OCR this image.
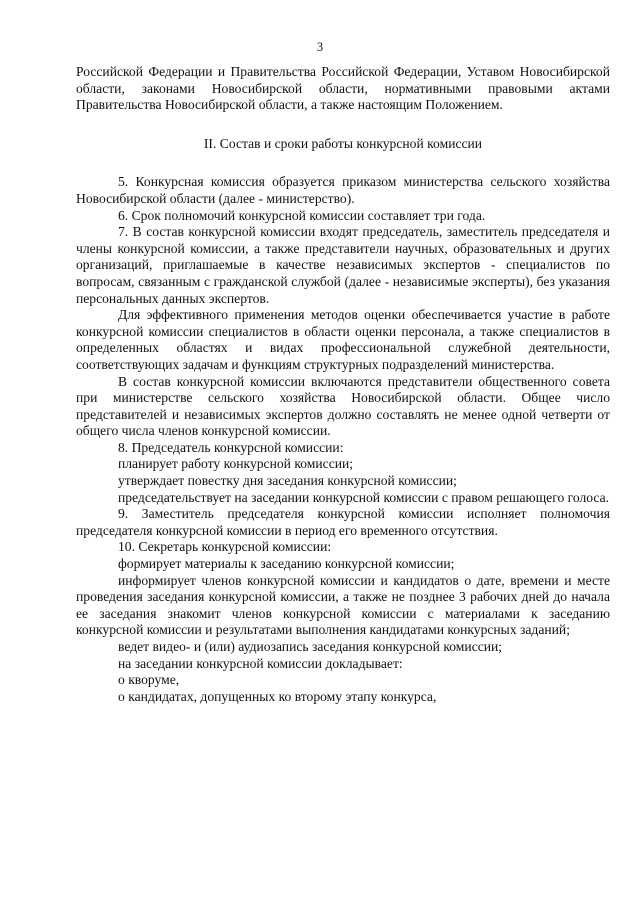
3

Российской Федерации и Правительства Российской Федерации, Уставом Новосибирской области, законами Новосибирской области, нормативными правовыми актами Правительства Новосибирской области, а также настоящим Положением.

II. Состав и сроки работы конкурсной комиссии

5. Конкурсная комиссия образуется приказом министерства сельского хозяйства Новосибирской области (далее - министерство).

6. Срок полномочий конкурсной комиссии составляет три года.

7. В состав конкурсной комиссии входят председатель, заместитель председателя и члены конкурсной комиссии, а также представители научных, образовательных и других организаций, приглашаемые в качестве независимых экспертов - специалистов по вопросам, связанным с гражданской службой (далее - независимые эксперты), без указания персональных данных экспертов.

Для эффективного применения методов оценки обеспечивается участие в работе конкурсной комиссии специалистов в области оценки персонала, а также специалистов в определенных областях и видах профессиональной служебной деятельности, соответствующих задачам и функциям структурных подразделений министерства.

В состав конкурсной комиссии включаются представители общественного совета при министерстве сельского хозяйства Новосибирской области. Общее число представителей и независимых экспертов должно составлять не менее одной четверти от общего числа членов конкурсной комиссии.

8. Председатель конкурсной комиссии:

планирует работу конкурсной комиссии;

утверждает повестку дня заседания конкурсной комиссии;

председательствует на заседании конкурсной комиссии с правом решающего голоса.

9. Заместитель председателя конкурсной комиссии исполняет полномочия председателя конкурсной комиссии в период его временного отсутствия.

10. Секретарь конкурсной комиссии:

формирует материалы к заседанию конкурсной комиссии;

информирует членов конкурсной комиссии и кандидатов о дате, времени и месте проведения заседания конкурсной комиссии, а также не позднее 3 рабочих дней до начала ее заседания знакомит членов конкурсной комиссии с материалами к заседанию конкурсной комиссии и результатами выполнения кандидатами конкурсных заданий;

ведет видео- и (или) аудиозапись заседания конкурсной комиссии;

на заседании конкурсной комиссии докладывает:

о кворуме,

о кандидатах, допущенных ко второму этапу конкурса,
